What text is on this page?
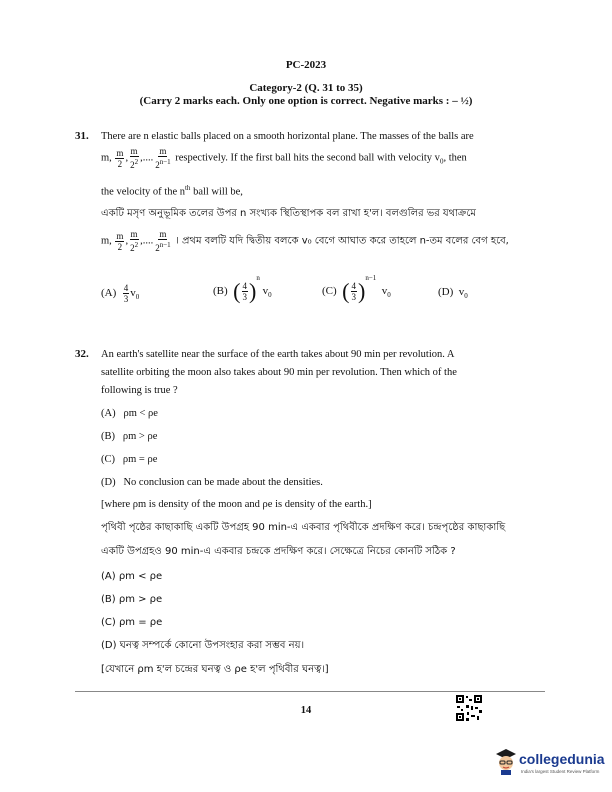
PC-2023
Category-2 (Q. 31 to 35)
(Carry 2 marks each. Only one option is correct. Negative marks : – ½)
31. There are n elastic balls placed on a smooth horizontal plane. The masses of the balls are
m, $\frac{m}{2}$ , $\frac{m}{2^2}$ ,.... $\frac{m}{2^{n-1}}$ respectively. If the first ball hits the second ball with velocity $v_0$, then
the velocity of the $n^{th}$ ball will be,
একটি মসৃণ অনুভূমিক তলের উপর n সংখ্যক স্থিতিস্থাপক বল রাখা হ'ল। বলগুলির ভর যথাক্রমে
m, $\frac{m}{2}$ , $\frac{m}{2^2}$ ,.... $\frac{m}{2^{n-1}}$ । প্রথম বলটি যদি দ্বিতীয় বলকে v₀ বেগে আঘাত করে তাহলে n-তম বলের বেগ হবে,
$(A) \frac{4}{3} v_0$
(B) ( $\frac{4}{3} )^n$ $v_0$	(C) ( $\frac{4}{3} )^{n-1}$  $v_0$	(D) $v_0$
32. An earth's satellite near the surface of the earth takes about 90 min per revolution. A
satellite orbiting the moon also takes about 90 min per revolution. Then which of the
following is true ?
(A) ρm < ρe
(B) ρm > ρe
(C) ρm = ρe
(D) No conclusion can be made about the densities.
[where ρm is density of the moon and ρe is density of the earth.]
পৃথিবী পৃষ্ঠের কাছাকাছি একটি উপগ্রহ 90 min-এ একবার পৃথিবীকে প্রদক্ষিণ করে। চন্দ্রপৃষ্ঠের কাছাকাছি
একটি উপগ্রহও 90 min-এ একবার চন্দ্রকে প্রদক্ষিণ করে। সেক্ষেত্রে নিচের কোনটি সঠিক ?
(A) ρm < ρe
(B) ρm > ρe
(C) ρm = ρe
(D) ঘনত্ব সম্পর্কে কোনো উপসংহার করা সম্ভব নয়।
[যেখানে ρm হ'ল চন্দ্রের ঘনত্ব ও ρe হ'ল পৃথিবীর ঘনত্ব।]
14
collegedunia
India's largest Student Review Platform
